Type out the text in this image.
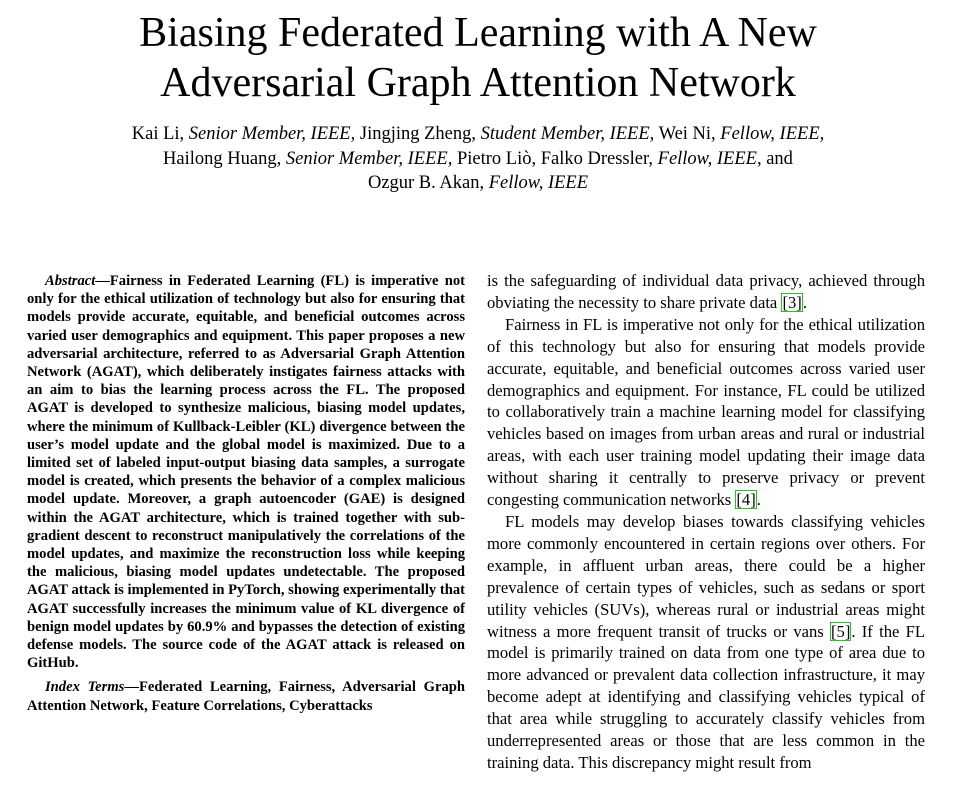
Biasing Federated Learning with A New
Adversarial Graph Attention Network
Kai Li, Senior Member, IEEE, Jingjing Zheng, Student Member, IEEE, Wei Ni, Fellow, IEEE,
Hailong Huang, Senior Member, IEEE, Pietro Liò, Falko Dressler, Fellow, IEEE, and
Ozgur B. Akan, Fellow, IEEE

Abstract—Fairness in Federated Learning (FL) is imperative not only for the ethical utilization of technology but also for ensuring that models provide accurate, equitable, and beneficial outcomes across varied user demographics and equipment. This paper proposes a new adversarial architecture, referred to as Adversarial Graph Attention Network (AGAT), which deliberately instigates fairness attacks with an aim to bias the learning process across the FL. The proposed AGAT is developed to synthesize malicious, biasing model updates, where the minimum of Kullback-Leibler (KL) divergence between the user’s model update and the global model is maximized. Due to a limited set of labeled input-output biasing data samples, a surrogate model is created, which presents the behavior of a complex malicious model update. Moreover, a graph autoencoder (GAE) is designed within the AGAT architecture, which is trained together with sub-gradient descent to reconstruct manipulatively the correlations of the model updates, and maximize the reconstruction loss while keeping the malicious, biasing model updates undetectable. The proposed AGAT attack is implemented in PyTorch, showing experimentally that AGAT successfully increases the minimum value of KL divergence of benign model updates by 60.9% and bypasses the detection of existing defense models. The source code of the AGAT attack is released on GitHub.

Index Terms—Federated Learning, Fairness, Adversarial Graph Attention Network, Feature Correlations, Cyberattacks

is the safeguarding of individual data privacy, achieved through obviating the necessity to share private data [3].

Fairness in FL is imperative not only for the ethical utilization of this technology but also for ensuring that models provide accurate, equitable, and beneficial outcomes across varied user demographics and equipment. For instance, FL could be utilized to collaboratively train a machine learning model for classifying vehicles based on images from urban areas and rural or industrial areas, with each user training model updating their image data without sharing it centrally to preserve privacy or prevent congesting communication networks [4].

FL models may develop biases towards classifying vehicles more commonly encountered in certain regions over others. For example, in affluent urban areas, there could be a higher prevalence of certain types of vehicles, such as sedans or sport utility vehicles (SUVs), whereas rural or industrial areas might witness a more frequent transit of trucks or vans [5]. If the FL model is primarily trained on data from one type of area due to more advanced or prevalent data collection infrastructure, it may become adept at identifying and classifying vehicles typical of that area while struggling to accurately classify vehicles from underrepresented areas or those that are less common in the training data. This discrepancy might result from
